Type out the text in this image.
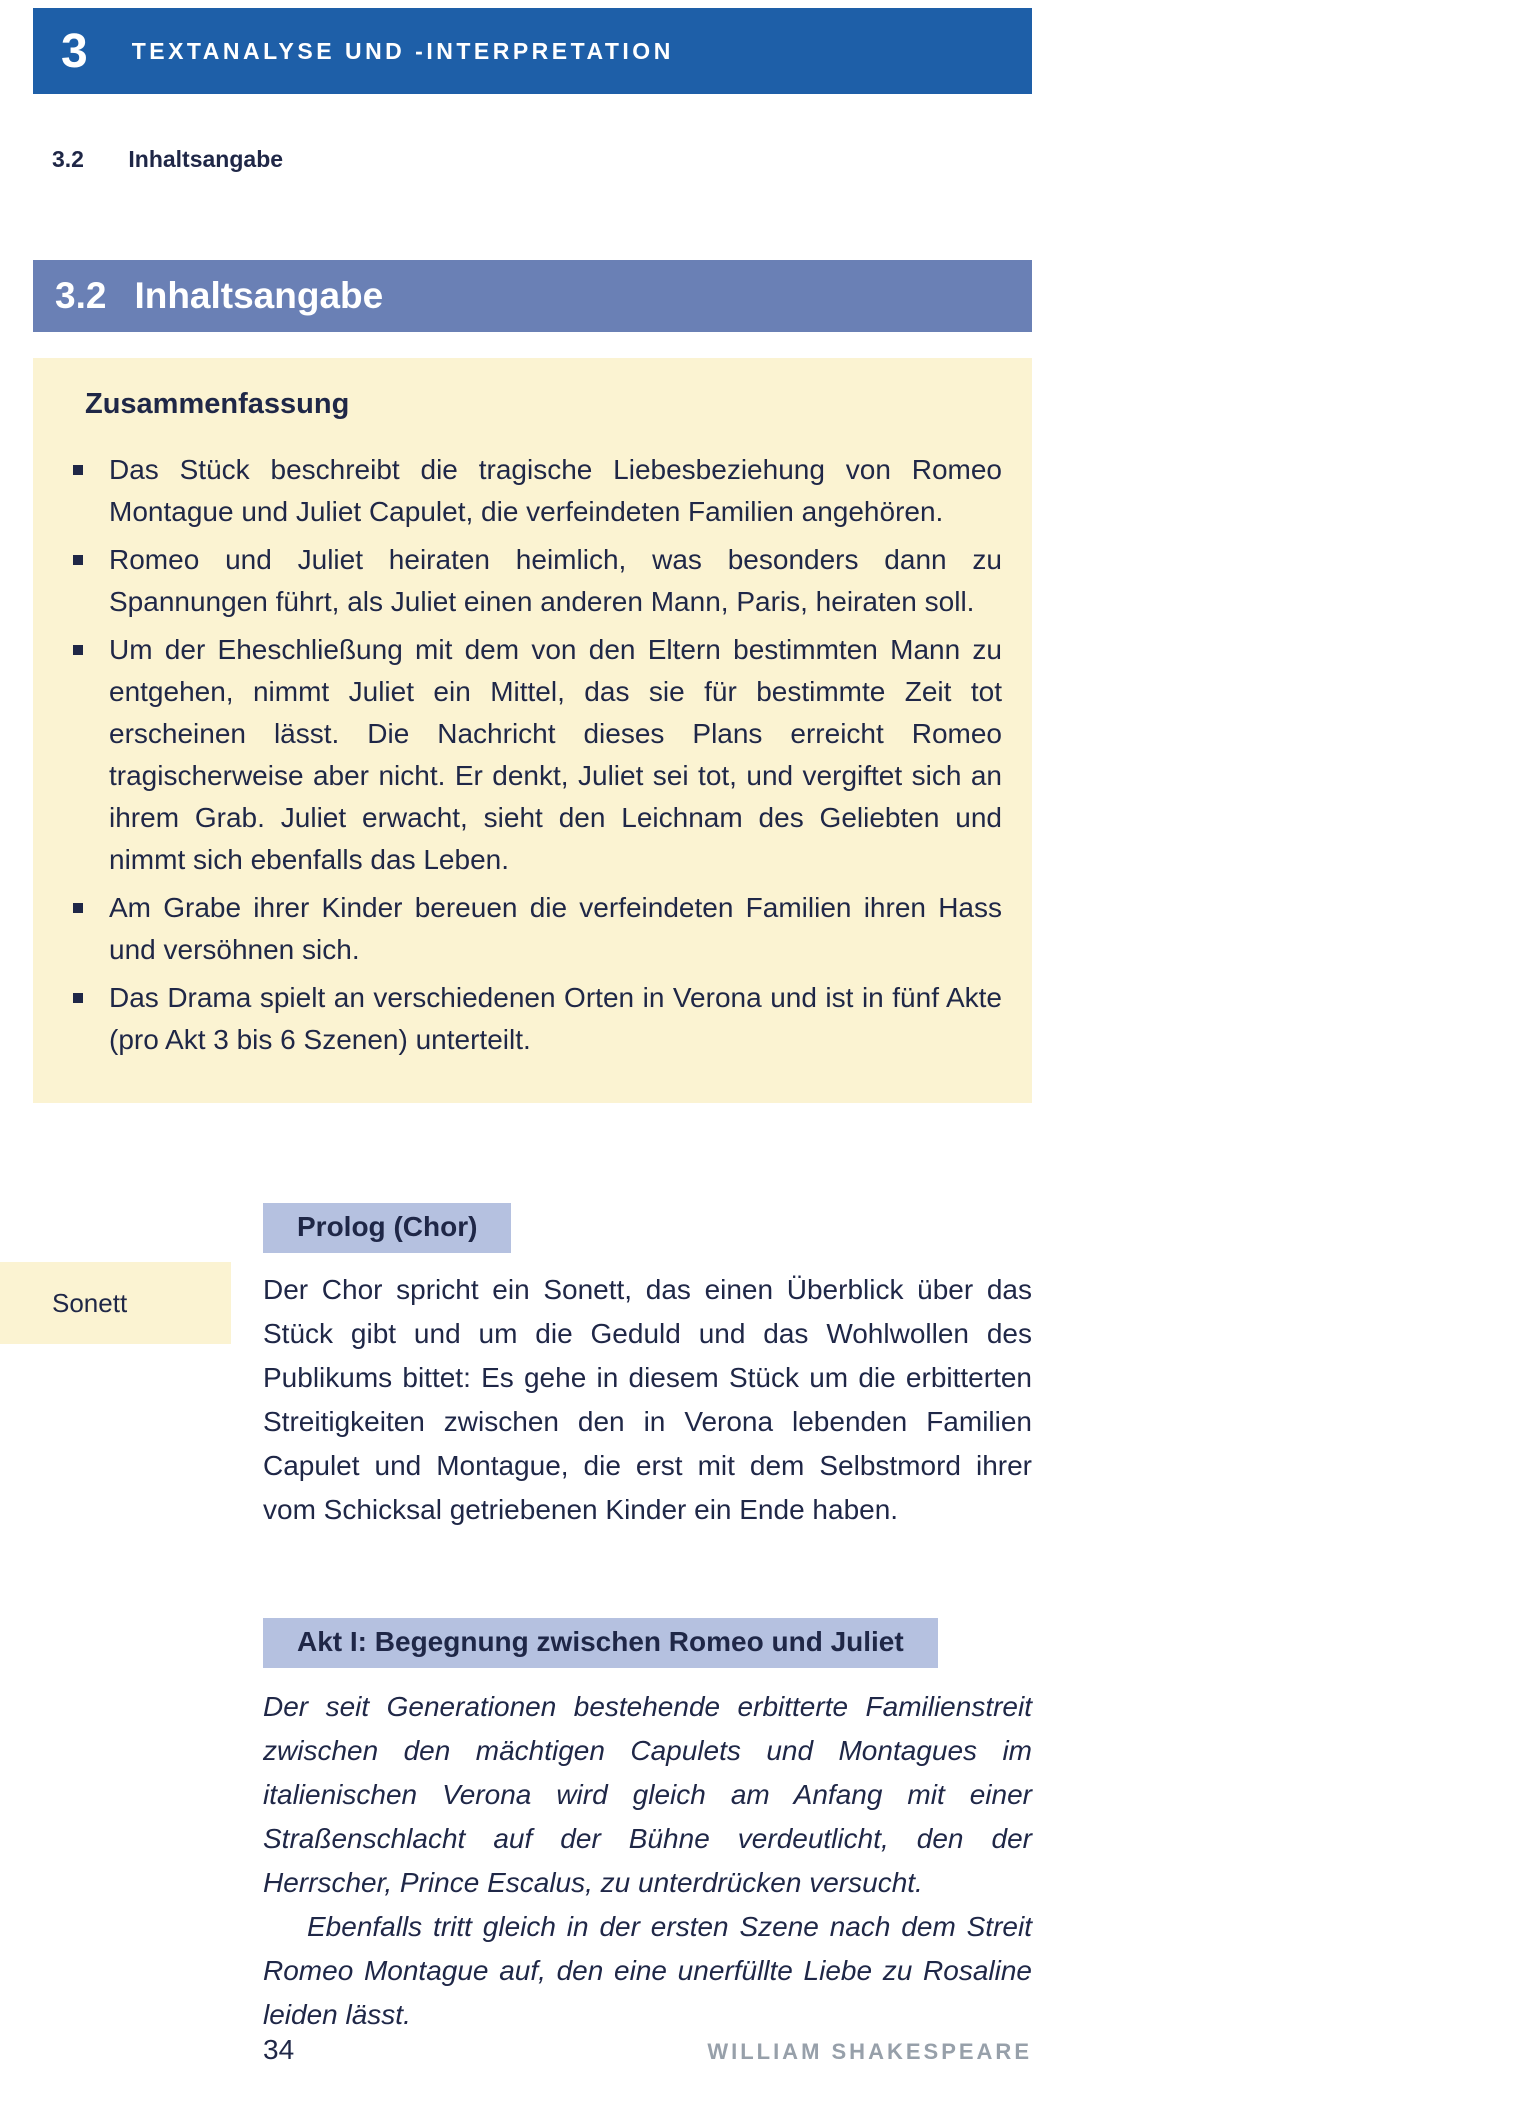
3 TEXTANALYSE UND -INTERPRETATION
3.2 Inhaltsangabe
3.2 Inhaltsangabe
Zusammenfassung
Das Stück beschreibt die tragische Liebesbeziehung von Romeo Montague und Juliet Capulet, die verfeindeten Familien angehören.
Romeo und Juliet heiraten heimlich, was besonders dann zu Spannungen führt, als Juliet einen anderen Mann, Paris, heiraten soll.
Um der Eheschließung mit dem von den Eltern bestimmten Mann zu entgehen, nimmt Juliet ein Mittel, das sie für bestimmte Zeit tot erscheinen lässt. Die Nachricht dieses Plans erreicht Romeo tragischerweise aber nicht. Er denkt, Juliet sei tot, und vergiftet sich an ihrem Grab. Juliet erwacht, sieht den Leichnam des Geliebten und nimmt sich ebenfalls das Leben.
Am Grabe ihrer Kinder bereuen die verfeindeten Familien ihren Hass und versöhnen sich.
Das Drama spielt an verschiedenen Orten in Verona und ist in fünf Akte (pro Akt 3 bis 6 Szenen) unterteilt.
Prolog (Chor)
Sonett	Der Chor spricht ein Sonett, das einen Überblick über das Stück gibt und um die Geduld und das Wohlwollen des Publikums bittet: Es gehe in diesem Stück um die erbitterten Streitigkeiten zwischen den in Verona lebenden Familien Capulet und Montague, die erst mit dem Selbstmord ihrer vom Schicksal getriebenen Kinder ein Ende haben.
Akt I: Begegnung zwischen Romeo und Juliet

Der seit Generationen bestehende erbitterte Familienstreit zwischen den mächtigen Capulets und Montagues im italienischen Verona wird gleich am Anfang mit einer Straßenschlacht auf der Bühne verdeutlicht, den der Herrscher, Prince Escalus, zu unterdrücken versucht.

Ebenfalls tritt gleich in der ersten Szene nach dem Streit Romeo Montague auf, den eine unerfüllte Liebe zu Rosaline leiden lässt.

34	WILLIAM SHAKESPEARE
